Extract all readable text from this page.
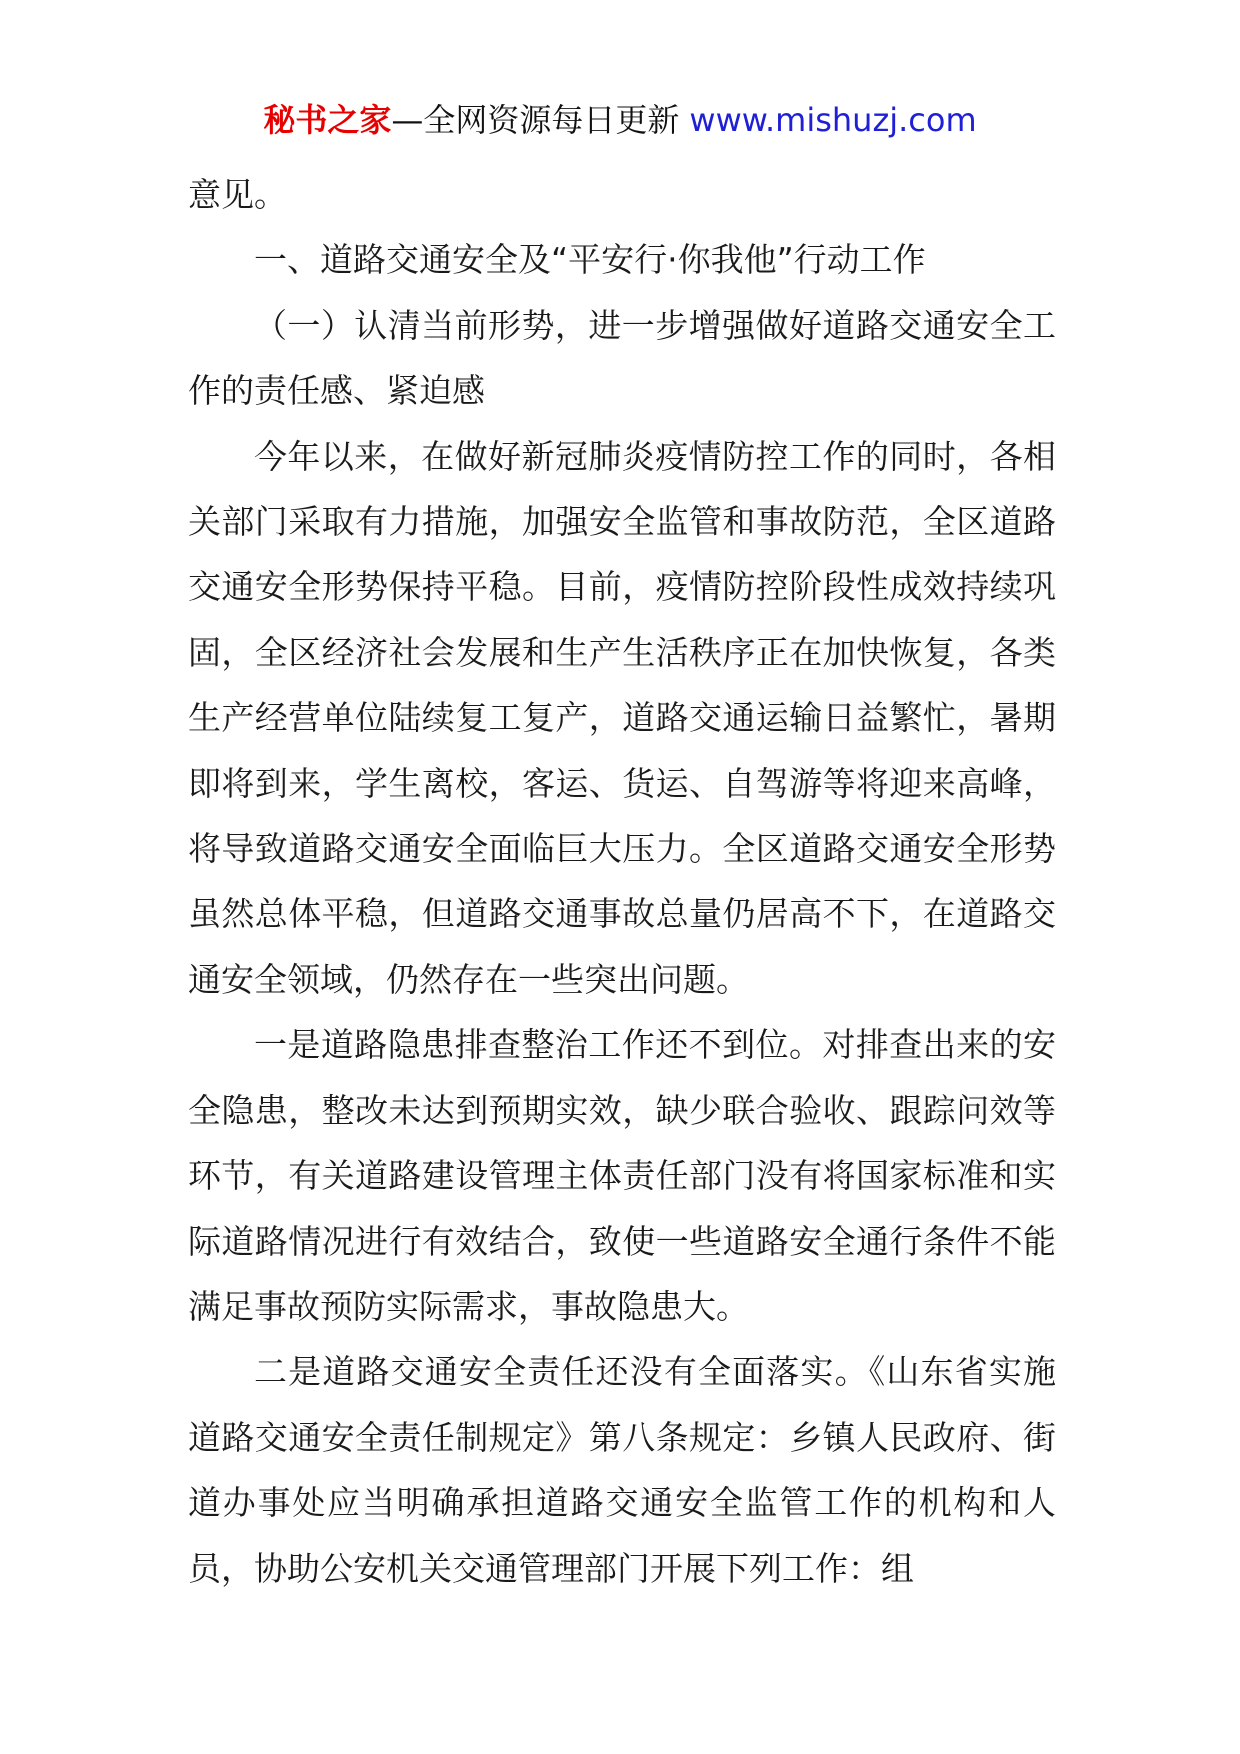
秘书之家—全网资源每日更新 www.mishuzj.com

意见。

一、道路交通安全及“平安行·你我他”行动工作

（一）认清当前形势，进一步增强做好道路交通安全工作的责任感、紧迫感

今年以来，在做好新冠肺炎疫情防控工作的同时，各相关部门采取有力措施，加强安全监管和事故防范，全区道路交通安全形势保持平稳。目前，疫情防控阶段性成效持续巩固，全区经济社会发展和生产生活秩序正在加快恢复，各类生产经营单位陆续复工复产，道路交通运输日益繁忙，暑期即将到来，学生离校，客运、货运、自驾游等将迎来高峰，将导致道路交通安全面临巨大压力。全区道路交通安全形势虽然总体平稳，但道路交通事故总量仍居高不下，在道路交通安全领域，仍然存在一些突出问题。

一是道路隐患排查整治工作还不到位。对排查出来的安全隐患，整改未达到预期实效，缺少联合验收、跟踪问效等环节，有关道路建设管理主体责任部门没有将国家标准和实际道路情况进行有效结合，致使一些道路安全通行条件不能满足事故预防实际需求，事故隐患大。

二是道路交通安全责任还没有全面落实。《山东省实施道路交通安全责任制规定》第八条规定：乡镇人民政府、街道办事处应当明确承担道路交通安全监管工作的机构和人员，协助公安机关交通管理部门开展下列工作：组
